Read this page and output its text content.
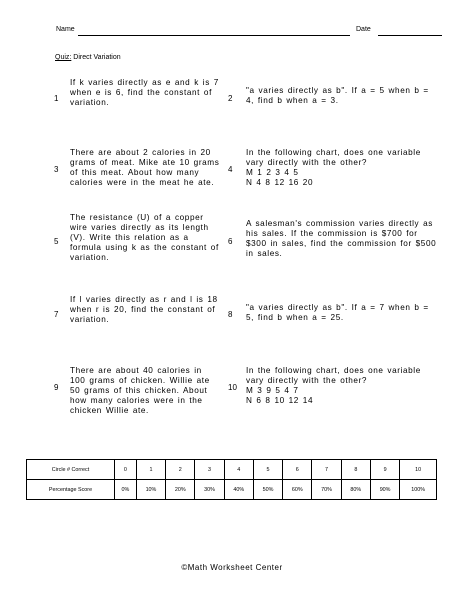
Name	Date
Quiz: Direct Variation
1
If k varies directly as e and k is 7 when e is 6, find the constant of variation.	2
"a varies directly as b". If a = 5 when b = 4, find b when a = 3.
3
There are about 2 calories in 20 grams of meat. Mike ate 10 grams of this meat. About how many calories were in the meat he ate.
4
In the following chart, does one variable vary directly with the other?
M 1 2 3 4 5
N 4 8 12 16 20
5
The resistance (U) of a copper wire varies directly as its length (V). Write this relation as a formula using k as the constant of variation.
6
A salesman's commission varies directly as his sales. If the commission is $700 for $300 in sales, find the commission for $500 in sales.
7
If l varies directly as r and l is 18 when r is 20, find the constant of variation.
8
"a varies directly as b". If a = 7 when b = 5, find b when a = 25.
9
There are about 40 calories in 100 grams of chicken. Willie ate 50 grams of this chicken. About how many calories were in the chicken Willie ate.
10
In the following chart, does one variable vary directly with the other?
M 3 9 5 4 7
N 6 8 10 12 14
Circle # Correct	0	1	2	3	4	5	6	7	8	9	10
Percentage Score	0%	10%	20%	30%	40%	50%	60%	70%	80%	90%	100%
©Math Worksheet Center
